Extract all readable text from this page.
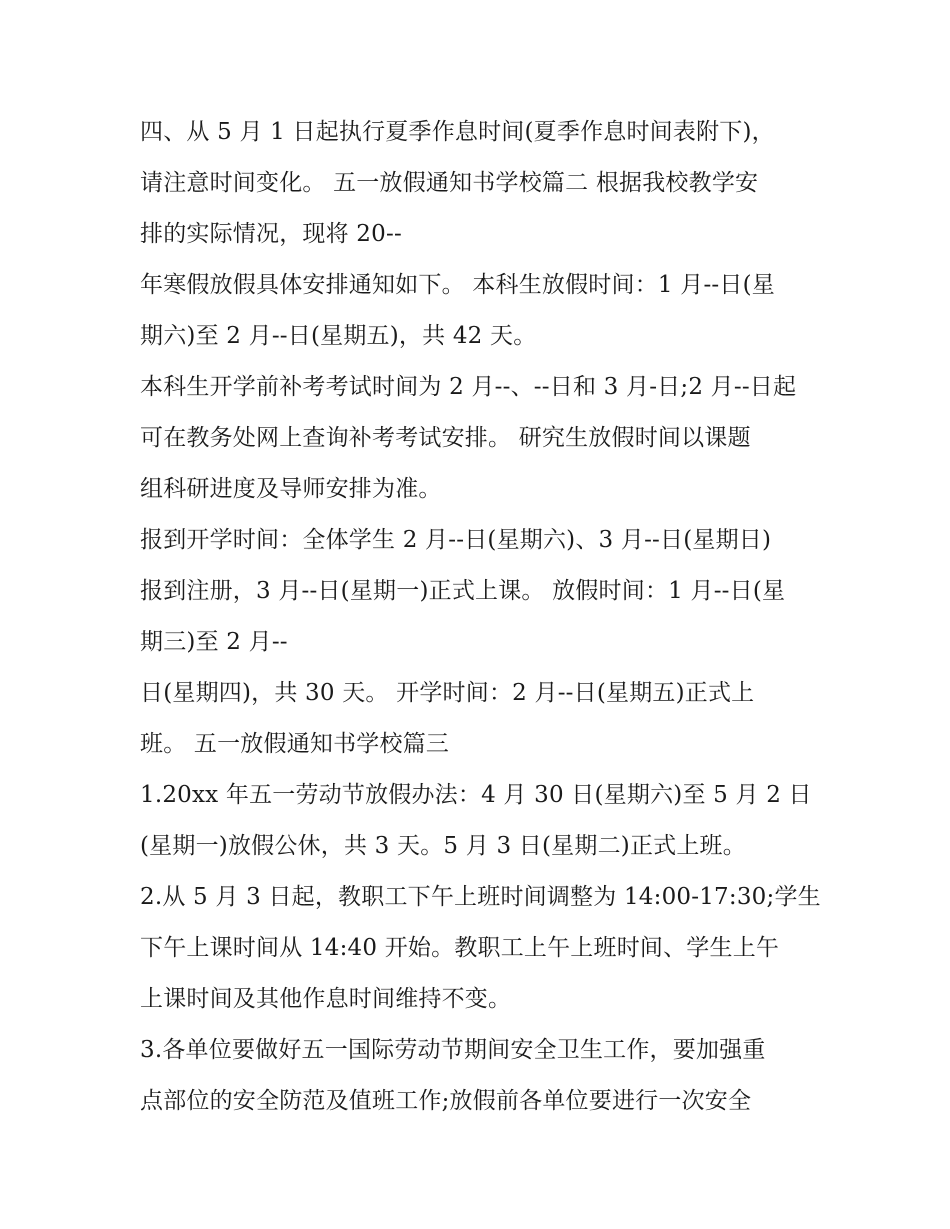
四、从 5 月 1 日起执行夏季作息时间(夏季作息时间表附下)，
请注意时间变化。 五一放假通知书学校篇二 根据我校教学安
排的实际情况，现将 20--
年寒假放假具体安排通知如下。 本科生放假时间：1 月--日(星
期六)至 2 月--日(星期五)，共 42 天。
本科生开学前补考考试时间为 2 月--、--日和 3 月-日;2 月--日起
可在教务处网上查询补考考试安排。 研究生放假时间以课题
组科研进度及导师安排为准。
报到开学时间：全体学生 2 月--日(星期六)、3 月--日(星期日)
报到注册，3 月--日(星期一)正式上课。 放假时间：1 月--日(星
期三)至 2 月--
日(星期四)，共 30 天。 开学时间：2 月--日(星期五)正式上
班。 五一放假通知书学校篇三
1.20xx 年五一劳动节放假办法：4 月 30 日(星期六)至 5 月 2 日
(星期一)放假公休，共 3 天。5 月 3 日(星期二)正式上班。
2.从 5 月 3 日起，教职工下午上班时间调整为 14:00-17:30;学生
下午上课时间从 14:40 开始。教职工上午上班时间、学生上午
上课时间及其他作息时间维持不变。
3.各单位要做好五一国际劳动节期间安全卫生工作，要加强重
点部位的安全防范及值班工作;放假前各单位要进行一次安全
